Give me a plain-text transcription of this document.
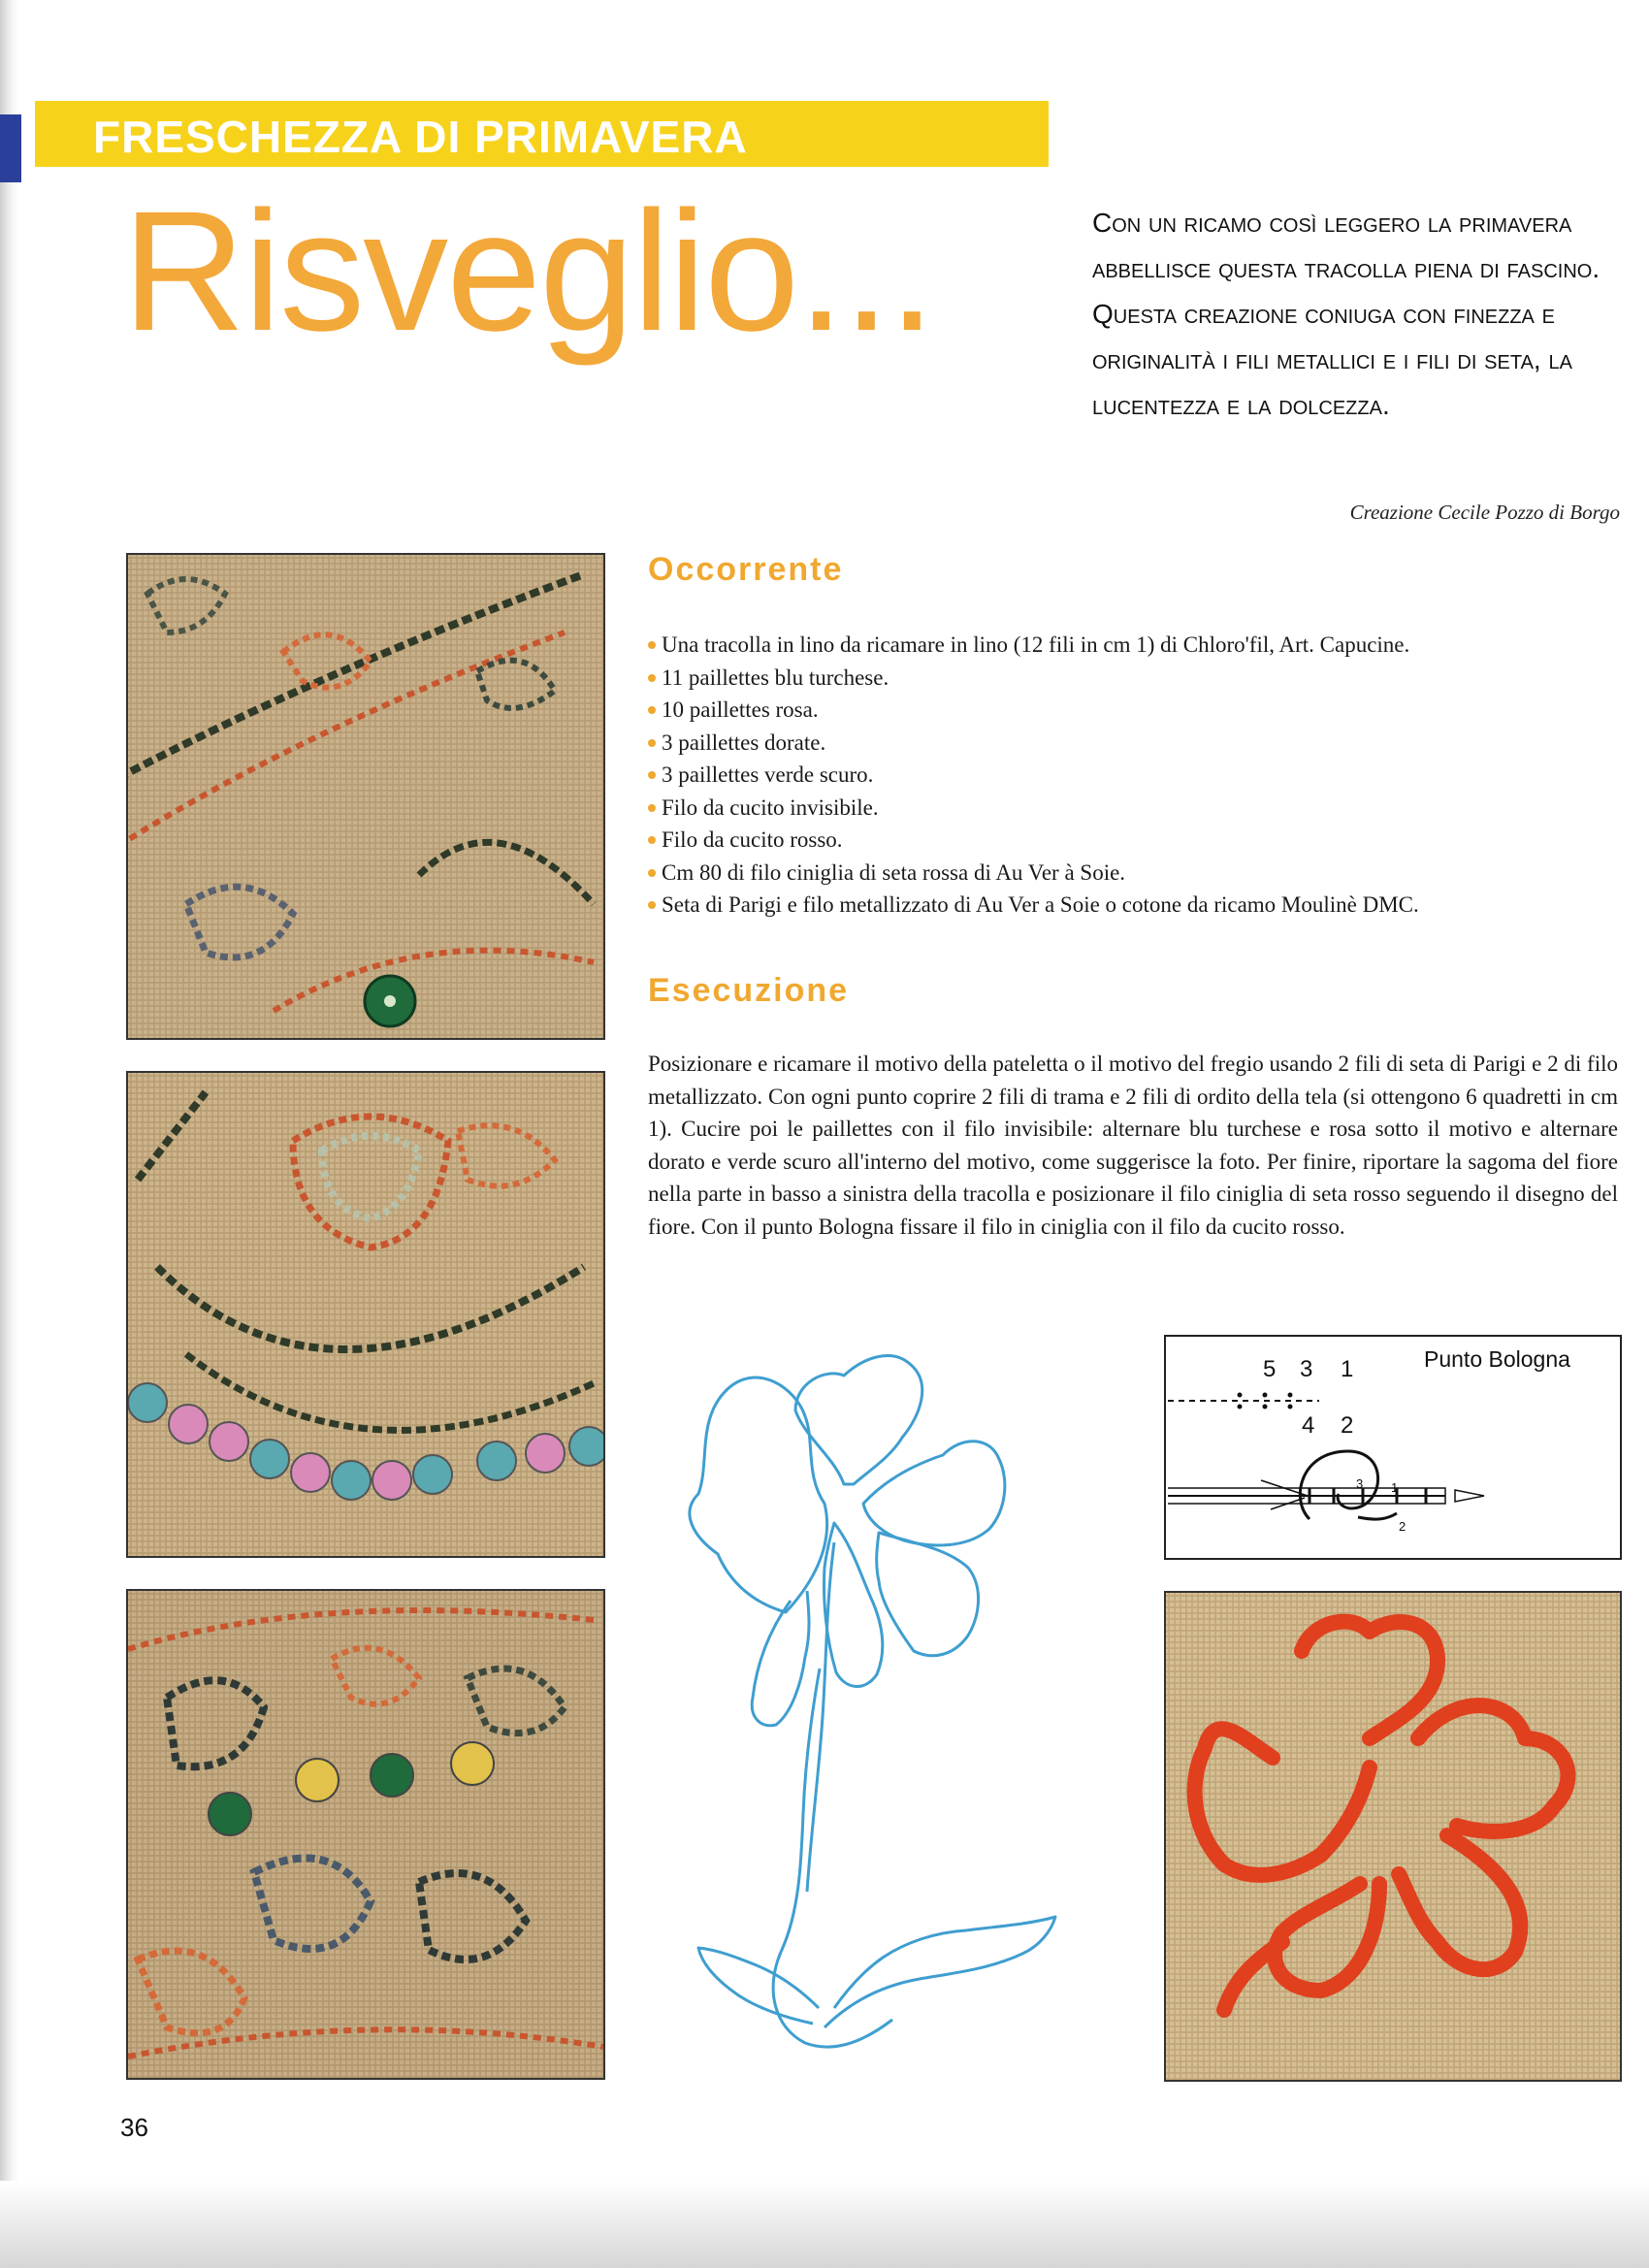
FRESCHEZZA DI PRIMAVERA
Risveglio...	Con un ricamo così leggero la primavera abbellisce questa tracolla piena di fascino. Questa creazione coniuga con finezza e originalità i fili metallici e i fili di seta, la lucentezza e la dolcezza.
Creazione Cecile Pozzo di Borgo
Occorrente
Una tracolla in lino da ricamare in lino (12 fili in cm 1) di Chloro'fil, Art. Capucine.
11 paillettes blu turchese.
10 paillettes rosa.
3 paillettes dorate.
3 paillettes verde scuro.
Filo da cucito invisibile.
Filo da cucito rosso.
Cm 80 di filo ciniglia di seta rossa di Au Ver à Soie.
Seta di Parigi e filo metallizzato di Au Ver a Soie o cotone da ricamo Moulinè DMC.
Esecuzione
Posizionare e ricamare il motivo della pateletta o il motivo del fregio usando 2 fili di seta di Parigi e 2 di filo metallizzato. Con ogni punto coprire 2 fili di trama e 2 fili di ordito della tela (si ottengono 6 quadretti in cm 1). Cucire poi le paillettes con il filo invisibile: alternare blu turchese e rosa sotto il motivo e alternare dorato e verde scuro all'interno del motivo, come suggerisce la foto. Per finire, riportare la sagoma del fiore nella parte in basso a sinistra della tracolla e posizionare il filo ciniglia di seta rosso seguendo il disegno del fiore. Con il punto Bologna fissare il filo in ciniglia con il filo da cucito rosso.
Punto Bologna
5 3 1
4 2
3 1
2
36
